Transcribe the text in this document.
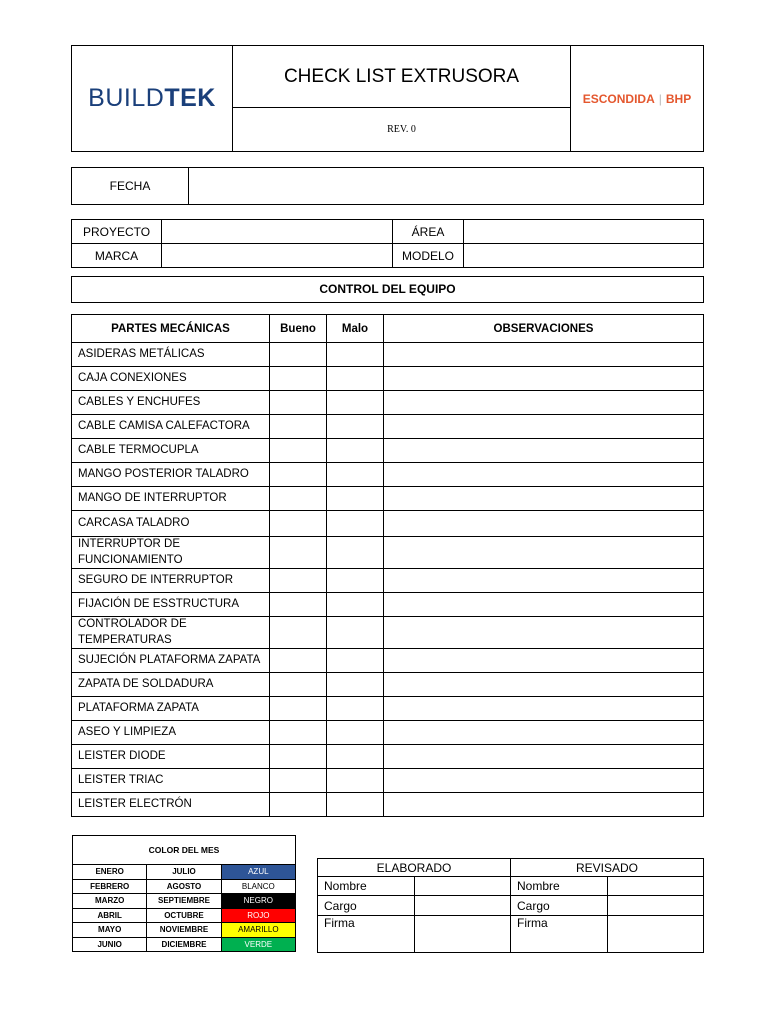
BUILDTEK	CHECK LIST EXTRUSORA	ESCONDIDA | BHP
REV. 0
FECHA	
PROYECTO		ÁREA	
MARCA		MODELO	
CONTROL DEL EQUIPO
PARTES MECÁNICAS	Bueno	Malo	OBSERVACIONES
ASIDERAS METÁLICAS			
CAJA CONEXIONES			
CABLES Y ENCHUFES			
CABLE CAMISA CALEFACTORA			
CABLE TERMOCUPLA			
MANGO POSTERIOR TALADRO			
MANGO DE INTERRUPTOR			
CARCASA TALADRO			
INTERRUPTOR DE FUNCIONAMIENTO			
SEGURO DE INTERRUPTOR			
FIJACIÓN DE ESSTRUCTURA			
CONTROLADOR DE TEMPERATURAS			
SUJECIÓN PLATAFORMA ZAPATA			
ZAPATA DE SOLDADURA			
PLATAFORMA ZAPATA			
ASEO Y LIMPIEZA			
LEISTER DIODE			
LEISTER TRIAC			
LEISTER ELECTRÓN			
COLOR DEL MES		
ENERO	JULIO	AZUL
FEBRERO	AGOSTO	BLANCO
MARZO	SEPTIEMBRE	NEGRO
ABRIL	OCTUBRE	ROJO
MAYO	NOVIEMBRE	AMARILLO
JUNIO	DICIEMBRE	VERDE
ELABORADO		REVISADO	
Nombre		Nombre	
Cargo		Cargo	
Firma		Firma	
